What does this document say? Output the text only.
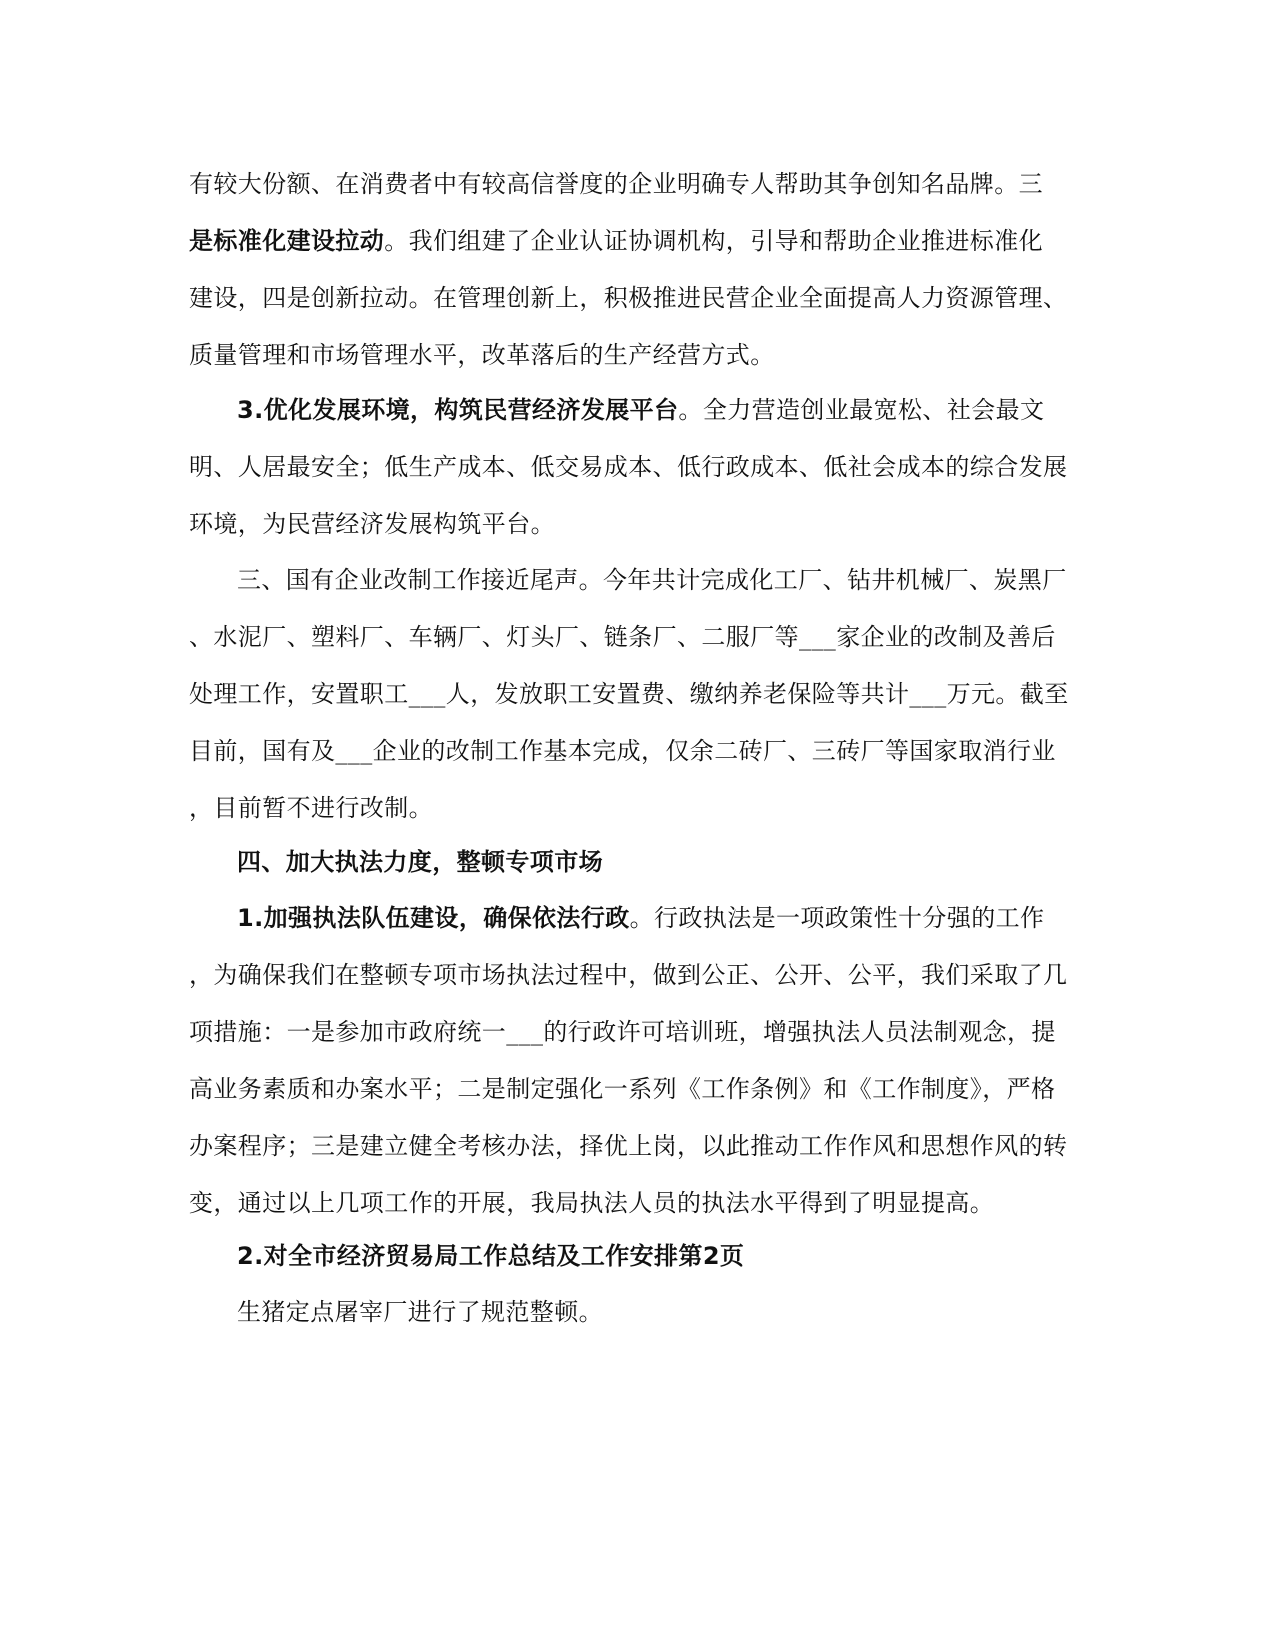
有较大份额、在消费者中有较高信誉度的企业明确专人帮助其争创知名品牌。三
是标准化建设拉动。我们组建了企业认证协调机构，引导和帮助企业推进标准化
建设，四是创新拉动。在管理创新上，积极推进民营企业全面提高人力资源管理、
质量管理和市场管理水平，改革落后的生产经营方式。
3.优化发展环境，构筑民营经济发展平台。全力营造创业最宽松、社会最文
明、人居最安全；低生产成本、低交易成本、低行政成本、低社会成本的综合发展
环境，为民营经济发展构筑平台。
三、国有企业改制工作接近尾声。今年共计完成化工厂、钻井机械厂、炭黑厂
、水泥厂、塑料厂、车辆厂、灯头厂、链条厂、二服厂等___家企业的改制及善后
处理工作，安置职工___人，发放职工安置费、缴纳养老保险等共计___万元。截至
目前，国有及___企业的改制工作基本完成，仅余二砖厂、三砖厂等国家取消行业
，目前暂不进行改制。
四、加大执法力度，整顿专项市场
1.加强执法队伍建设，确保依法行政。行政执法是一项政策性十分强的工作
，为确保我们在整顿专项市场执法过程中，做到公正、公开、公平，我们采取了几
项措施：一是参加市政府统一___的行政许可培训班，增强执法人员法制观念，提
高业务素质和办案水平；二是制定强化一系列《工作条例》和《工作制度》，严格
办案程序；三是建立健全考核办法，择优上岗，以此推动工作作风和思想作风的转
变，通过以上几项工作的开展，我局执法人员的执法水平得到了明显提高。
2.对全市经济贸易局工作总结及工作安排第2页
生猪定点屠宰厂进行了规范整顿。
